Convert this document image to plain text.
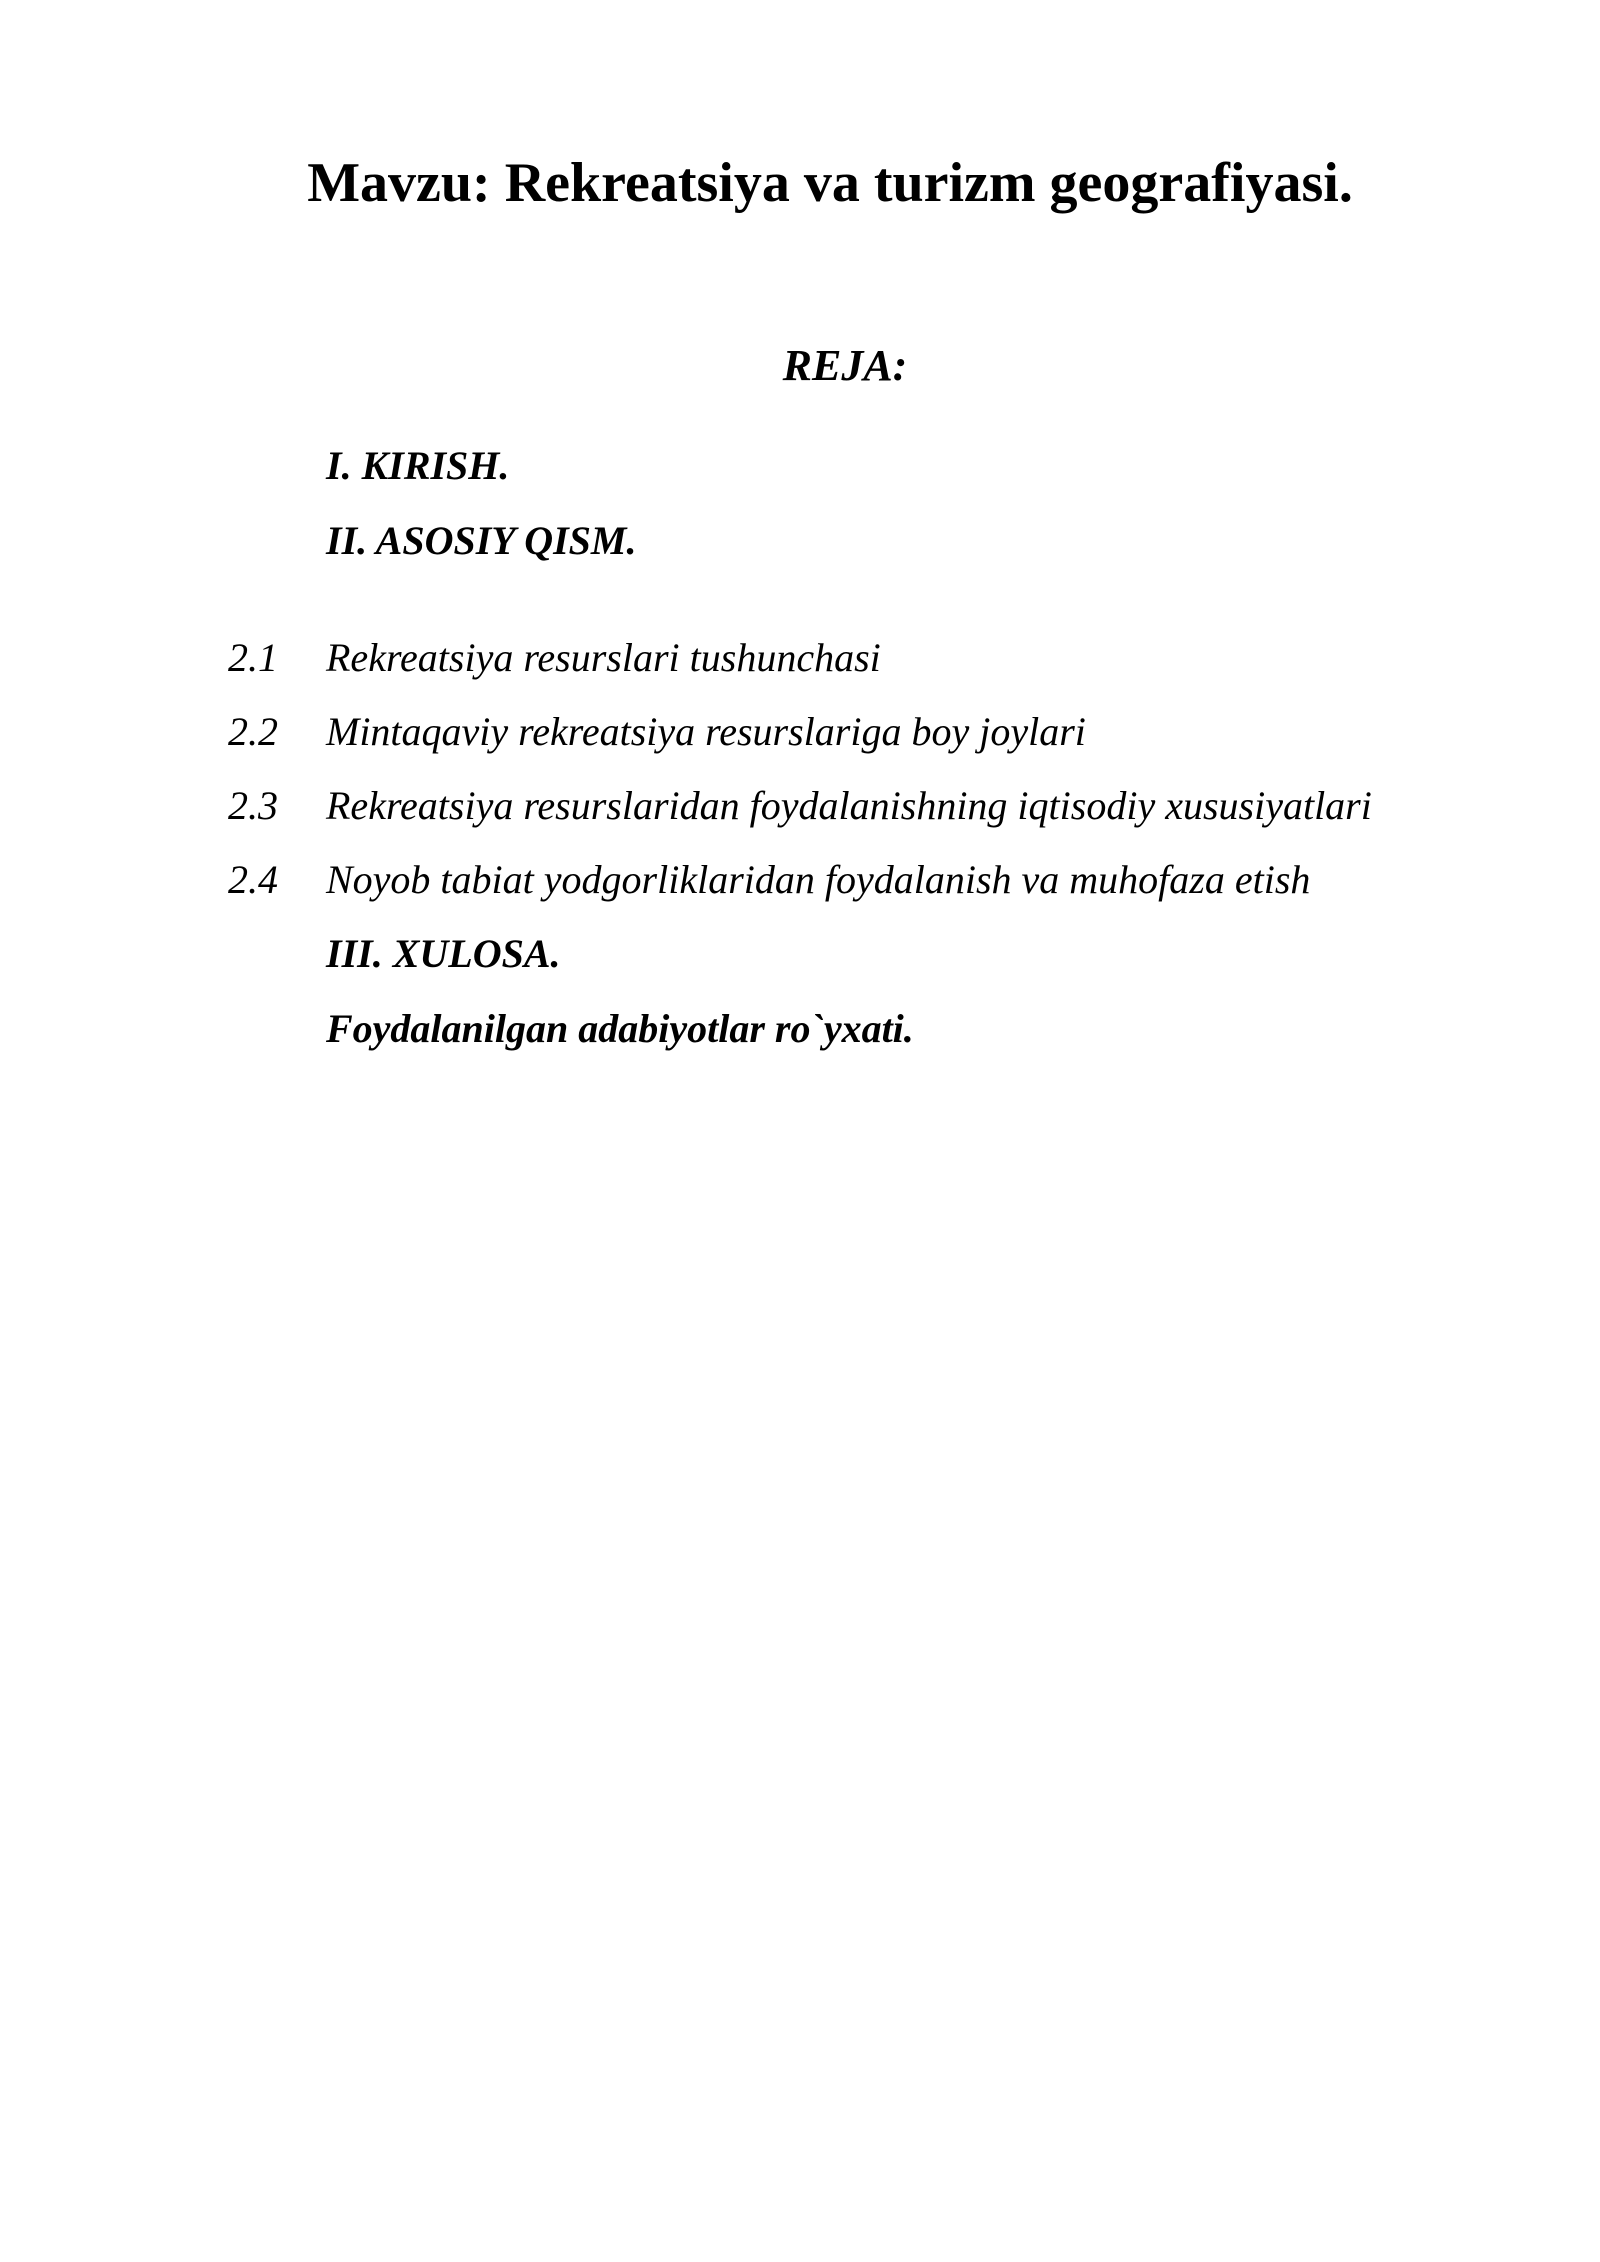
Mavzu: Rekreatsiya va turizm geografiyasi.
REJA:
I. KIRISH.
II. ASOSIY QISM.
2.1 Rekreatsiya resurslari tushunchasi
2.2 Mintaqaviy rekreatsiya resurslariga boy joylari
2.3 Rekreatsiya resurslaridan foydalanishning iqtisodiy xususiyatlari
2.4 Noyob tabiat yodgorliklaridan foydalanish va muhofaza etish
III. XULOSA.
Foydalanilgan adabiyotlar ro`yxati.
